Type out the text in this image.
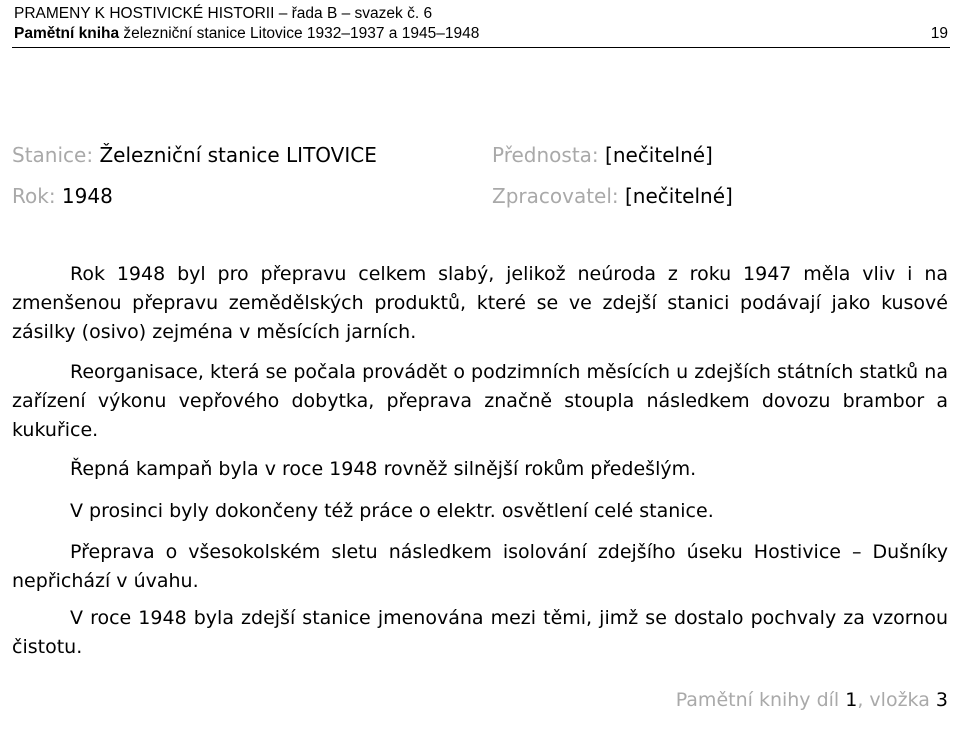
PRAMENY K HOSTIVICKÉ HISTORII – řada B – svazek č. 6
Pamětní kniha železniční stanice Litovice 1932–1937 a 1945–1948	19
Stanice: Železniční stanice LITOVICE
Rok: 1948
Přednosta: [nečitelné]
Zpracovatel: [nečitelné]

Rok 1948 byl pro přepravu celkem slabý, jelikož neúroda z roku 1947 měla vliv i na zmenšenou přepravu zemědělských produktů, které se ve zdejší stanici podávají jako kusové zásilky (osivo) zejména v měsících jarních.

Reorganisace, která se počala provádět o podzimních měsících u zdejších státních statků na zařízení výkonu vepřového dobytka, přeprava značně stoupla následkem dovozu brambor a kukuřice.

Řepná kampaň byla v roce 1948 rovněž silnější rokům předešlým.

V prosinci byly dokončeny též práce o elektr. osvětlení celé stanice.

Přeprava o všesokolském sletu následkem isolování zdejšího úseku Hostivice – Dušníky nepřichází v úvahu.

V roce 1948 byla zdejší stanice jmenována mezi těmi, jimž se dostalo pochvaly za vzornou čistotu.

Pamětní knihy díl 1, vložka 3
